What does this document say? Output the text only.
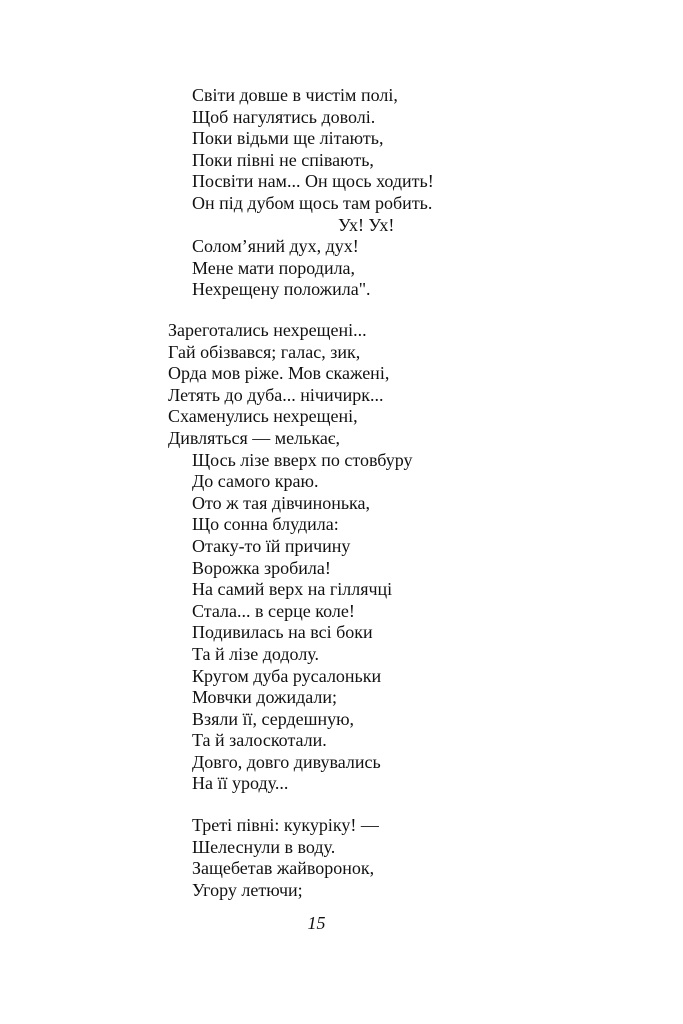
Світи довше в чистім полі,
Щоб нагулятись доволі.
Поки відьми ще літають,
Поки півні не співають,
Посвіти нам... Он щось ходить!
Он під дубом щось там робить.
Ух! Ух!
Солом’яний дух, дух!
Мене мати породила,
Нехрещену положила".
Зареготались нехрещені...
Гай обізвався; галас, зик,
Орда мов ріже. Мов скажені,
Летять до дуба... нічичирк...
Схаменулись нехрещені,
Дивляться — мелькає,
Щось лізе вверх по стовбуру
До самого краю.
Ото ж тая дівчинонька,
Що сонна блудила:
Отаку-то їй причину
Ворожка зробила!
На самий верх на гіллячці
Стала... в серце коле!
Подивилась на всі боки
Та й лізе додолу.
Кругом дуба русалоньки
Мовчки дожидали;
Взяли її, сердешную,
Та й залоскотали.
Довго, довго дивувались
На її уроду...
Треті півні: кукуріку! —
Шелеснули в воду.
Защебетав жайворонок,
Угору летючи;
15
